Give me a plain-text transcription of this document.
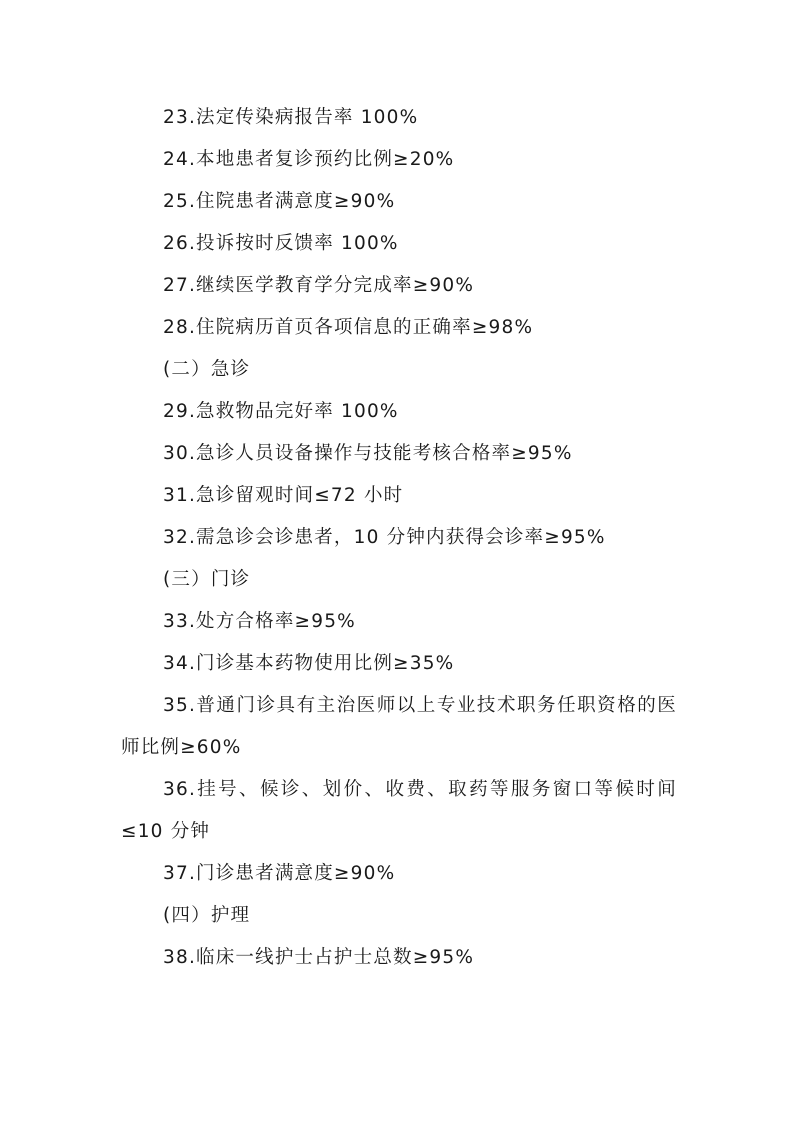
23.法定传染病报告率 100%
24.本地患者复诊预约比例≥20%
25.住院患者满意度≥90%
26.投诉按时反馈率 100%
27.继续医学教育学分完成率≥90%
28.住院病历首页各项信息的正确率≥98%
(二）急诊
29.急救物品完好率 100%
30.急诊人员设备操作与技能考核合格率≥95%
31.急诊留观时间≤72 小时
32.需急诊会诊患者，10 分钟内获得会诊率≥95%
(三）门诊
33.处方合格率≥95%
34.门诊基本药物使用比例≥35%
35.普通门诊具有主治医师以上专业技术职务任职资格的医师比例≥60%
36.挂号、候诊、划价、收费、取药等服务窗口等候时间≤10 分钟
37.门诊患者满意度≥90%
(四）护理
38.临床一线护士占护士总数≥95%
